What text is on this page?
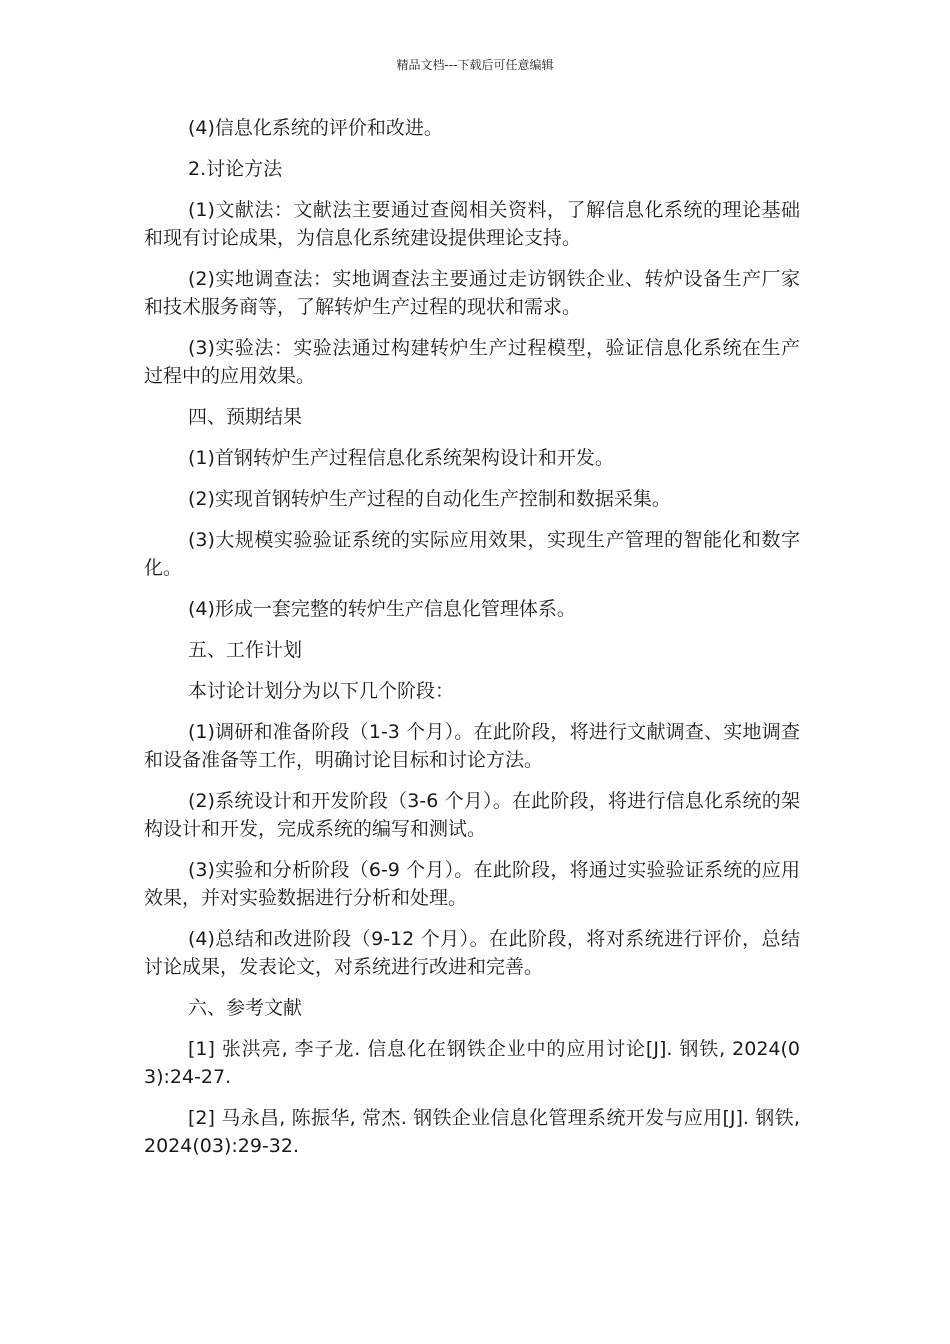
精品文档---下载后可任意编辑

(4)信息化系统的评价和改进。

2.讨论方法

(1)文献法：文献法主要通过查阅相关资料，了解信息化系统的理论基础和现有讨论成果，为信息化系统建设提供理论支持。

(2)实地调查法：实地调查法主要通过走访钢铁企业、转炉设备生产厂家和技术服务商等，了解转炉生产过程的现状和需求。

(3)实验法：实验法通过构建转炉生产过程模型，验证信息化系统在生产过程中的应用效果。

四、预期结果

(1)首钢转炉生产过程信息化系统架构设计和开发。

(2)实现首钢转炉生产过程的自动化生产控制和数据采集。

(3)大规模实验验证系统的实际应用效果，实现生产管理的智能化和数字化。

(4)形成一套完整的转炉生产信息化管理体系。

五、工作计划

本讨论计划分为以下几个阶段：

(1)调研和准备阶段（1-3 个月）。在此阶段，将进行文献调查、实地调查和设备准备等工作，明确讨论目标和讨论方法。

(2)系统设计和开发阶段（3-6 个月）。在此阶段，将进行信息化系统的架构设计和开发，完成系统的编写和测试。

(3)实验和分析阶段（6-9 个月）。在此阶段，将通过实验验证系统的应用效果，并对实验数据进行分析和处理。

(4)总结和改进阶段（9-12 个月）。在此阶段，将对系统进行评价，总结讨论成果，发表论文，对系统进行改进和完善。

六、参考文献

[1] 张洪亮, 李子龙. 信息化在钢铁企业中的应用讨论[J]. 钢铁, 2024(03):24-27.

[2] 马永昌, 陈振华, 常杰. 钢铁企业信息化管理系统开发与应用[J]. 钢铁, 2024(03):29-32.
